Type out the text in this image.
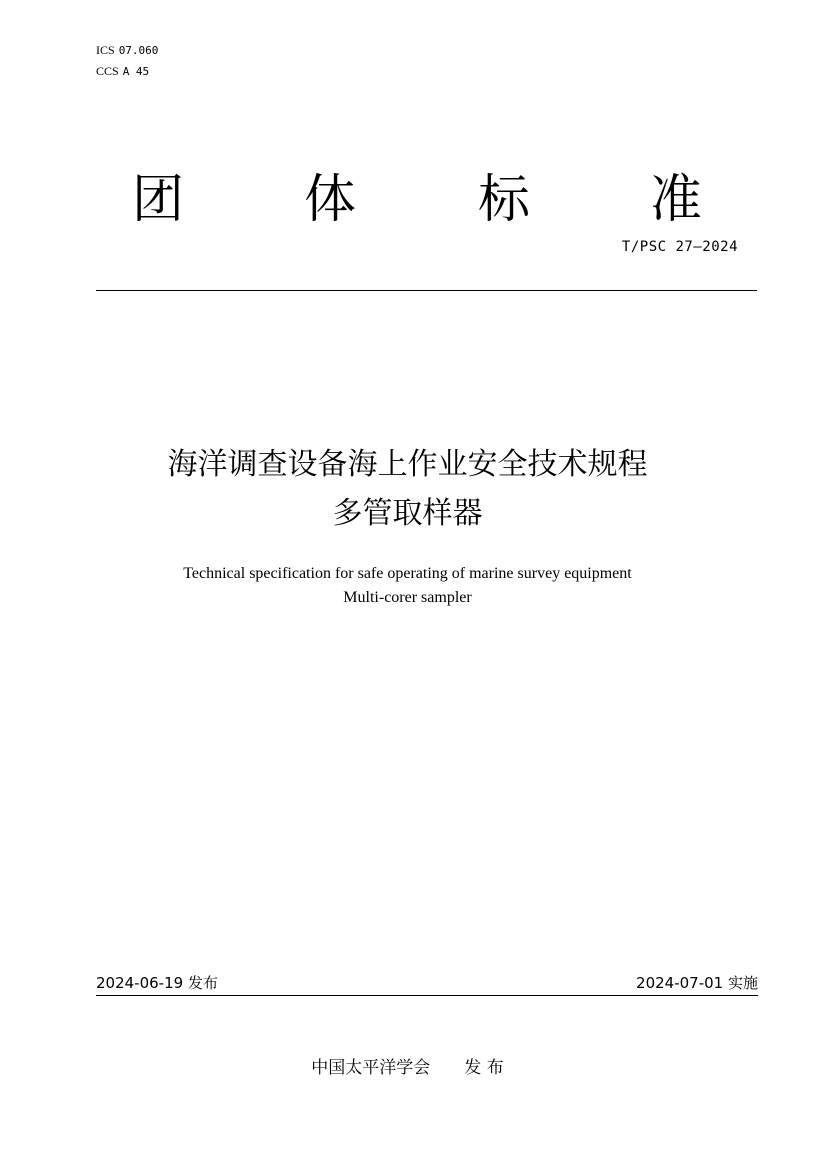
ICS 07.060
CCS A 45
团 体 标 准
T/PSC 27—2024
海洋调查设备海上作业安全技术规程
多管取样器
Technical specification for safe operating of marine survey equipment
Multi-corer sampler
2024-06-19 发布	2024-07-01 实施
中国太平洋学会 发 布
